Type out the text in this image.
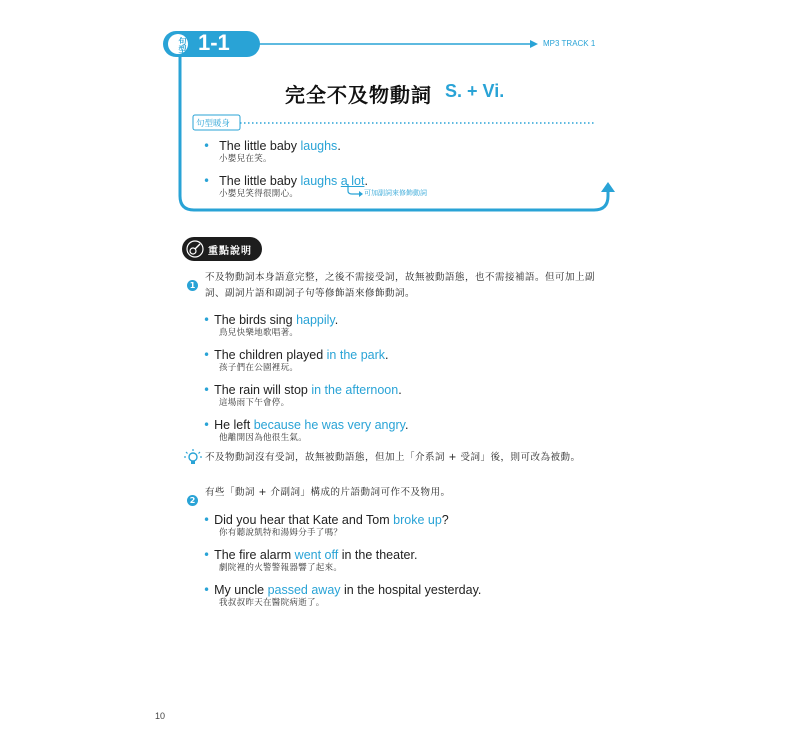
句型 1-1	MP3 TRACK 1
完全不及物動詞 S. + Vi.
句型暖身
• The little baby laughs.
小嬰兒在笑。
• The little baby laughs a lot.
小嬰兒笑得很開心。	可加副詞來修飾動詞
重點說明
1
不及物動詞本身語意完整，之後不需接受詞，故無被動語態，也不需接補語。但可加上副詞、副詞片語和副詞子句等修飾語來修飾動詞。
• The birds sing happily.
鳥兒快樂地歌唱著。
• The children played in the park.
孩子們在公園裡玩。
• The rain will stop in the afternoon.
這場雨下午會停。
• He left because he was very angry.
他離開因為他很生氣。
不及物動詞沒有受詞，故無被動語態，但加上「介系詞 + 受詞」後，則可改為被動。
2
有些「動詞 + 介副詞」構成的片語動詞可作不及物用。
• Did you hear that Kate and Tom broke up?
你有聽說凱特和湯姆分手了嗎？
• The fire alarm went off in the theater.
劇院裡的火警警報器響了起來。
• My uncle passed away in the hospital yesterday.
我叔叔昨天在醫院病逝了。
10
